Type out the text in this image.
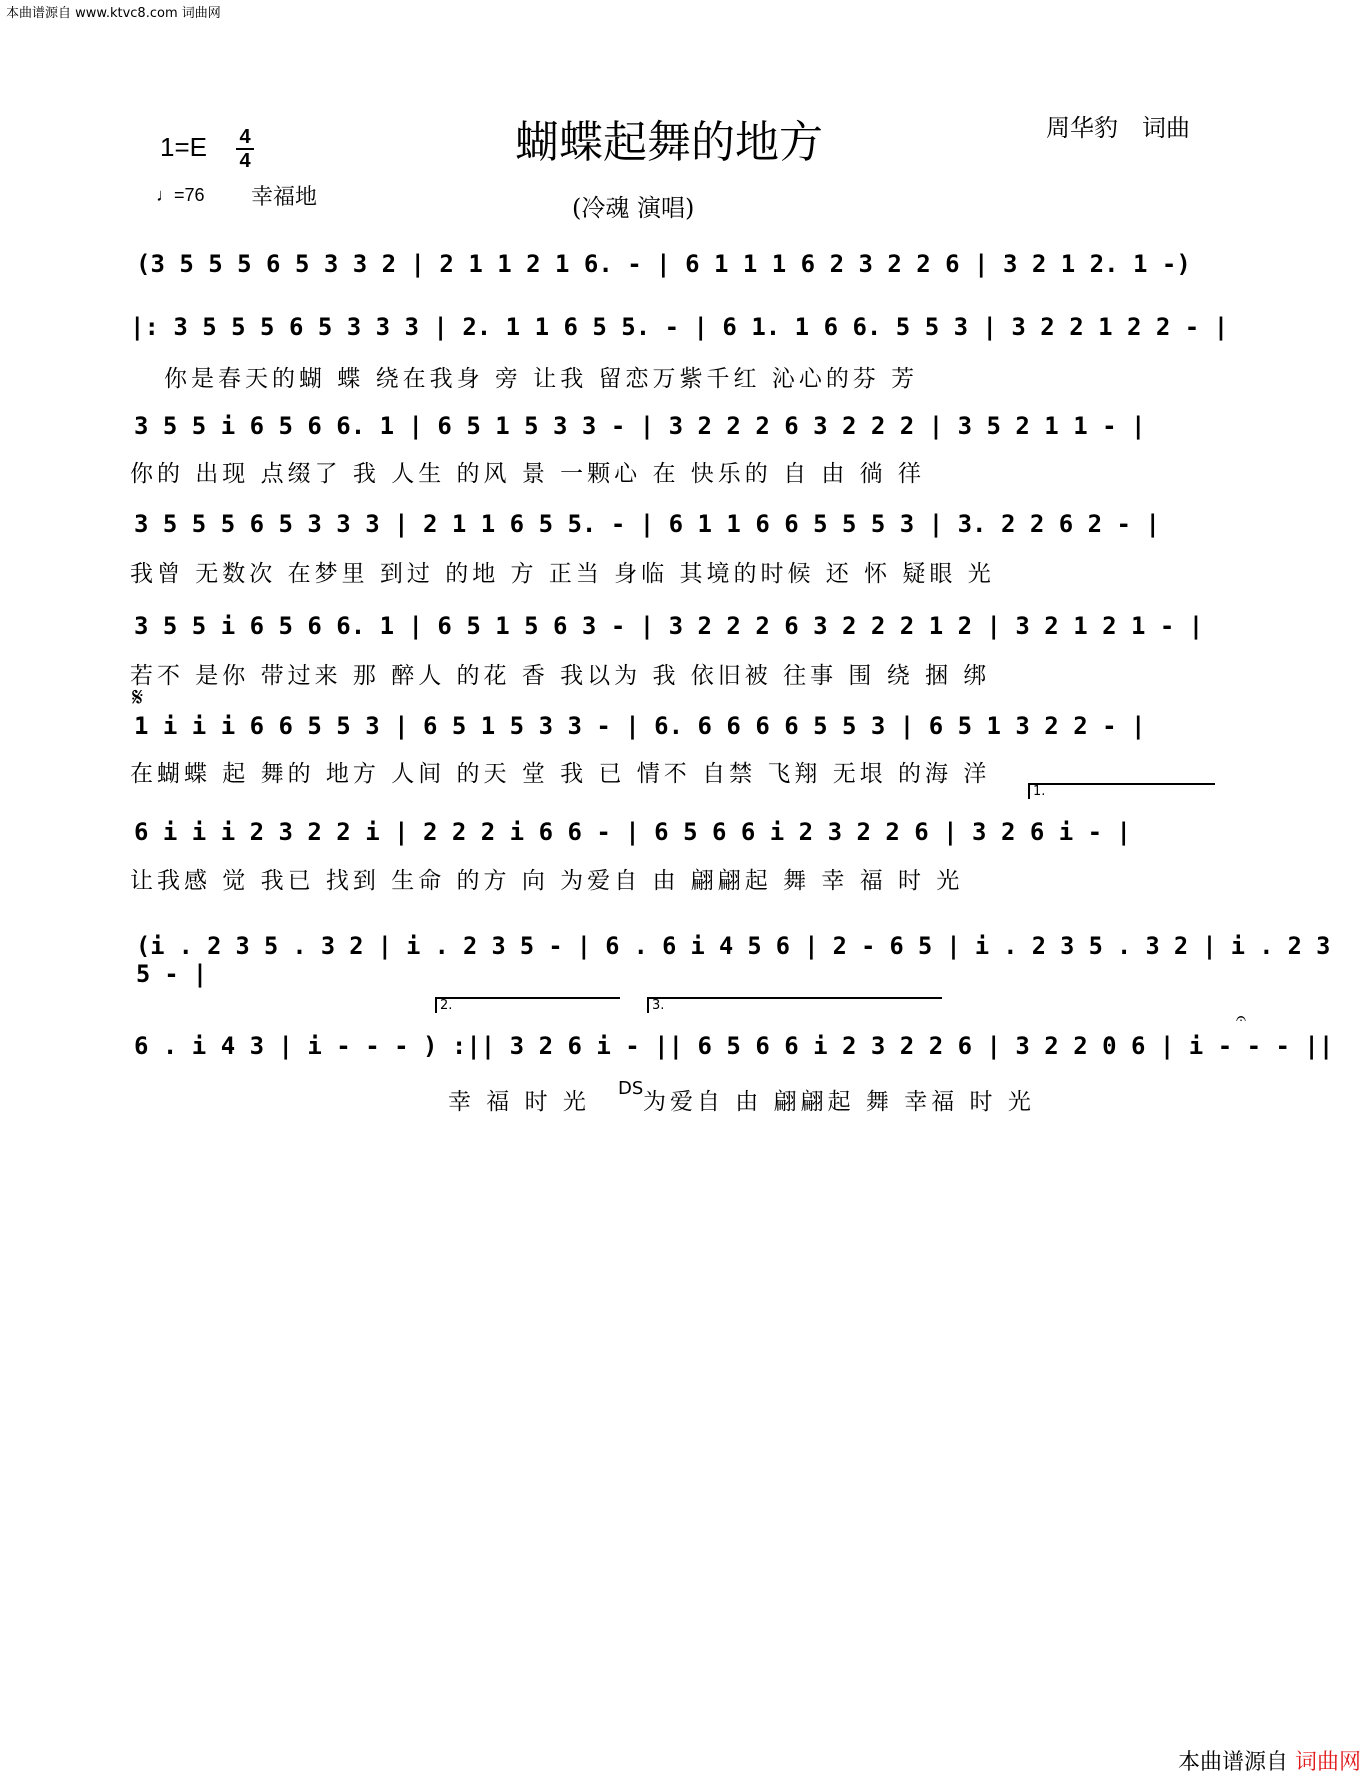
本曲谱源自 www.ktvc8.com 词曲网
1=E 4
4	蝴蝶起舞的地方	周华豹　词曲
♩=76 幸福地	(冷魂 演唱)
(3 5 5 5 6 5 3 3 2 | 2 1 1 2 1 6. - | 6 1 1 1 6 2 3 2 2 6 | 3 2 1 2. 1 -)
|: 3 5 5 5 6 5 3 3 3 | 2. 1 1 6 5 5. - | 6 1. 1 6 6. 5 5 3 | 3 2 2 1 2 2 - |
你是春天的蝴 蝶 绕在我身 旁 让我 留恋万紫千红 沁心的芬 芳
3 5 5 i 6 5 6 6. 1 | 6 5 1 5 3 3 - | 3 2 2 2 6 3 2 2 2 | 3 5 2 1 1 - |
你的 出现 点缀了 我 人生 的风 景 一颗心 在 快乐的 自 由 徜 徉
3 5 5 5 6 5 3 3 3 | 2 1 1 6 5 5. - | 6 1 1 6 6 5 5 5 3 | 3. 2 2 6 2 - |
我曾 无数次 在梦里 到过 的地 方 正当 身临 其境的时候 还 怀 疑眼 光
3 5 5 i 6 5 6 6. 1 | 6 5 1 5 6 3 - | 3 2 2 2 6 3 2 2 2 1 2 | 3 2 1 2 1 - |
若不 是你 带过来 那 醉人 的花 香 我以为 我 依旧被 往事 围 绕 捆 绑
𝄋
1 i i i 6 6 5 5 3 | 6 5 1 5 3 3 - | 6. 6 6 6 6 5 5 3 | 6 5 1 3 2 2 - |
在蝴蝶 起 舞的 地方 人间 的天 堂 我 已 情不 自禁 飞翔 无垠 的海 洋
1.
6 i i i 2 3 2 2 i | 2 2 2 i 6 6 - | 6 5 6 6 i 2 3 2 2 6 | 3 2 6 i - |
让我感 觉 我已 找到 生命 的方 向 为爱自 由 翩翩起 舞 幸 福 时 光
(i . 2 3 5 . 3 2 | i . 2 3 5 - | 6 . 6 i 4 5 6 | 2 - 6 5 | i . 2 3 5 . 3 2 | i . 2 3 5 - |
2.	3.
6 . i 4 3 | i - - - ) :|| 3 2 6 i - || 6 5 6 6 i 2 3 2 2 6 | 3 2 2 0 6 | i - - - ||
幸 福 时 光
DS
为爱自 由 翩翩起 舞 幸福 时 光
𝄐
本曲谱源自 词曲网
